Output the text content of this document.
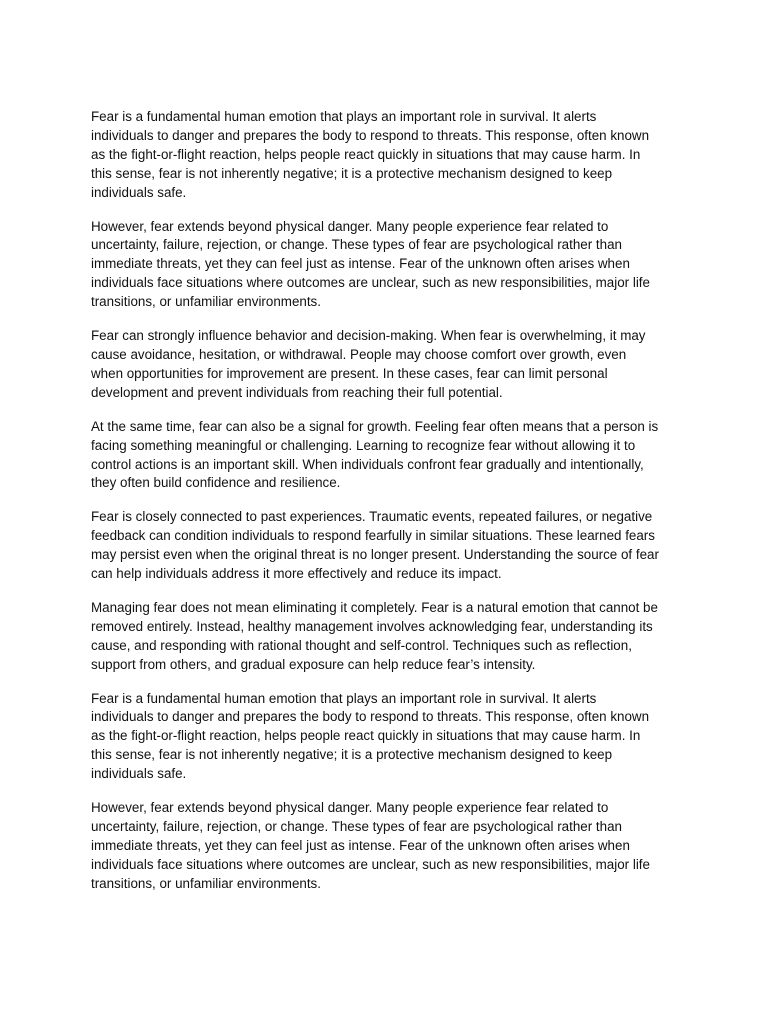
Fear is a fundamental human emotion that plays an important role in survival. It alerts
individuals to danger and prepares the body to respond to threats. This response, often known
as the fight-or-flight reaction, helps people react quickly in situations that may cause harm. In
this sense, fear is not inherently negative; it is a protective mechanism designed to keep
individuals safe.

However, fear extends beyond physical danger. Many people experience fear related to
uncertainty, failure, rejection, or change. These types of fear are psychological rather than
immediate threats, yet they can feel just as intense. Fear of the unknown often arises when
individuals face situations where outcomes are unclear, such as new responsibilities, major life
transitions, or unfamiliar environments.

Fear can strongly influence behavior and decision-making. When fear is overwhelming, it may
cause avoidance, hesitation, or withdrawal. People may choose comfort over growth, even
when opportunities for improvement are present. In these cases, fear can limit personal
development and prevent individuals from reaching their full potential.

At the same time, fear can also be a signal for growth. Feeling fear often means that a person is
facing something meaningful or challenging. Learning to recognize fear without allowing it to
control actions is an important skill. When individuals confront fear gradually and intentionally,
they often build confidence and resilience.

Fear is closely connected to past experiences. Traumatic events, repeated failures, or negative
feedback can condition individuals to respond fearfully in similar situations. These learned fears
may persist even when the original threat is no longer present. Understanding the source of fear
can help individuals address it more effectively and reduce its impact.

Managing fear does not mean eliminating it completely. Fear is a natural emotion that cannot be
removed entirely. Instead, healthy management involves acknowledging fear, understanding its
cause, and responding with rational thought and self-control. Techniques such as reflection,
support from others, and gradual exposure can help reduce fear’s intensity.

Fear is a fundamental human emotion that plays an important role in survival. It alerts
individuals to danger and prepares the body to respond to threats. This response, often known
as the fight-or-flight reaction, helps people react quickly in situations that may cause harm. In
this sense, fear is not inherently negative; it is a protective mechanism designed to keep
individuals safe.

However, fear extends beyond physical danger. Many people experience fear related to
uncertainty, failure, rejection, or change. These types of fear are psychological rather than
immediate threats, yet they can feel just as intense. Fear of the unknown often arises when
individuals face situations where outcomes are unclear, such as new responsibilities, major life
transitions, or unfamiliar environments.
